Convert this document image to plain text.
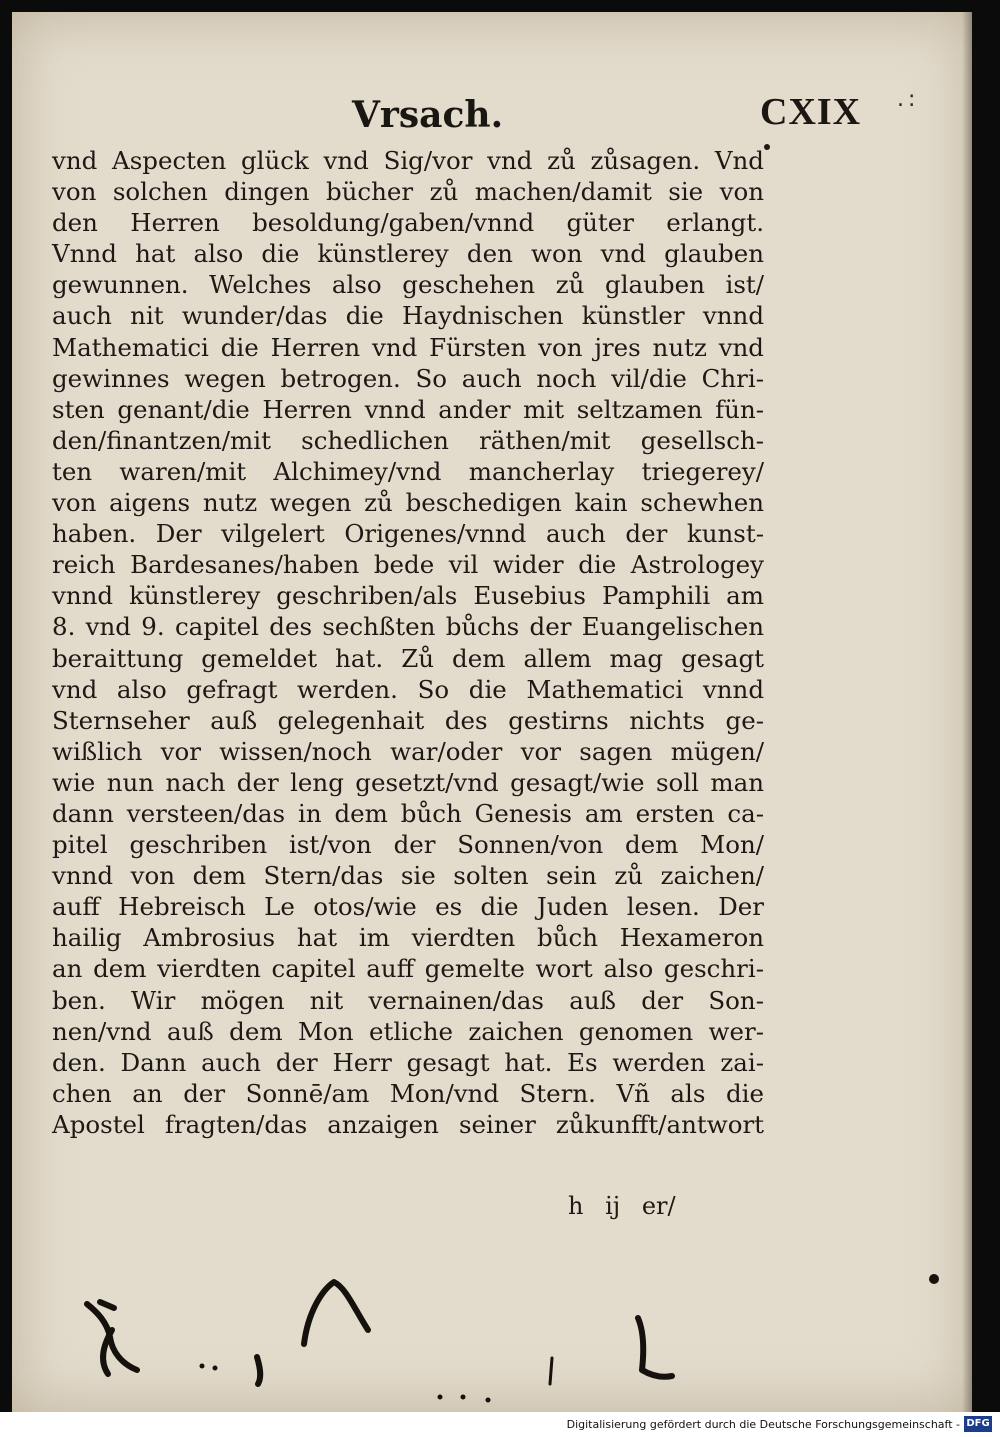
Vrsach.	CXIX .:
vnd Aspecten glück vnd Sig/vor vnd zů zůsagen. Vnd
von solchen dingen bücher zů machen/damit sie von
den Herren besoldung/gaben/vnnd güter erlangt.
Vnnd hat also die künstlerey den won vnd glauben
gewunnen. Welches also geschehen zů glauben ist/
auch nit wunder/das die Haydnischen künstler vnnd
Mathematici die Herren vnd Fürsten von jres nutz vnd
gewinnes wegen betrogen. So auch noch vil/die Chri-
sten genant/die Herren vnnd ander mit seltzamen fün-
den/finantzen/mit schedlichen räthen/mit gesellsch-
ten waren/mit Alchimey/vnd mancherlay triegerey/
von aigens nutz wegen zů beschedigen kain schewhen
haben. Der vilgelert Origenes/vnnd auch der kunst-
reich Bardesanes/haben bede vil wider die Astrologey
vnnd künstlerey geschriben/als Eusebius Pamphili am
8. vnd 9. capitel des sechßten bůchs der Euangelischen
beraittung gemeldet hat. Zů dem allem mag gesagt
vnd also gefragt werden. So die Mathematici vnnd
Sternseher auß gelegenhait des gestirns nichts ge-
wißlich vor wissen/noch war/oder vor sagen mügen/
wie nun nach der leng gesetzt/vnd gesagt/wie soll man
dann versteen/das in dem bůch Genesis am ersten ca-
pitel geschriben ist/von der Sonnen/von dem Mon/
vnnd von dem Stern/das sie solten sein zů zaichen/
auff Hebreisch Le otos/wie es die Juden lesen. Der
hailig Ambrosius hat im vierdten bůch Hexameron
an dem vierdten capitel auff gemelte wort also geschri-
ben. Wir mögen nit vernainen/das auß der Son-
nen/vnd auß dem Mon etliche zaichen genomen wer-
den. Dann auch der Herr gesagt hat. Es werden zai-
chen an der Sonnē/am Mon/vnd Stern. Vñ als die
Apostel fragten/das anzaigen seiner zůkunfft/antwort
h ij er/
Digitalisierung gefördert durch die Deutsche Forschungsgemeinschaft - DFG
